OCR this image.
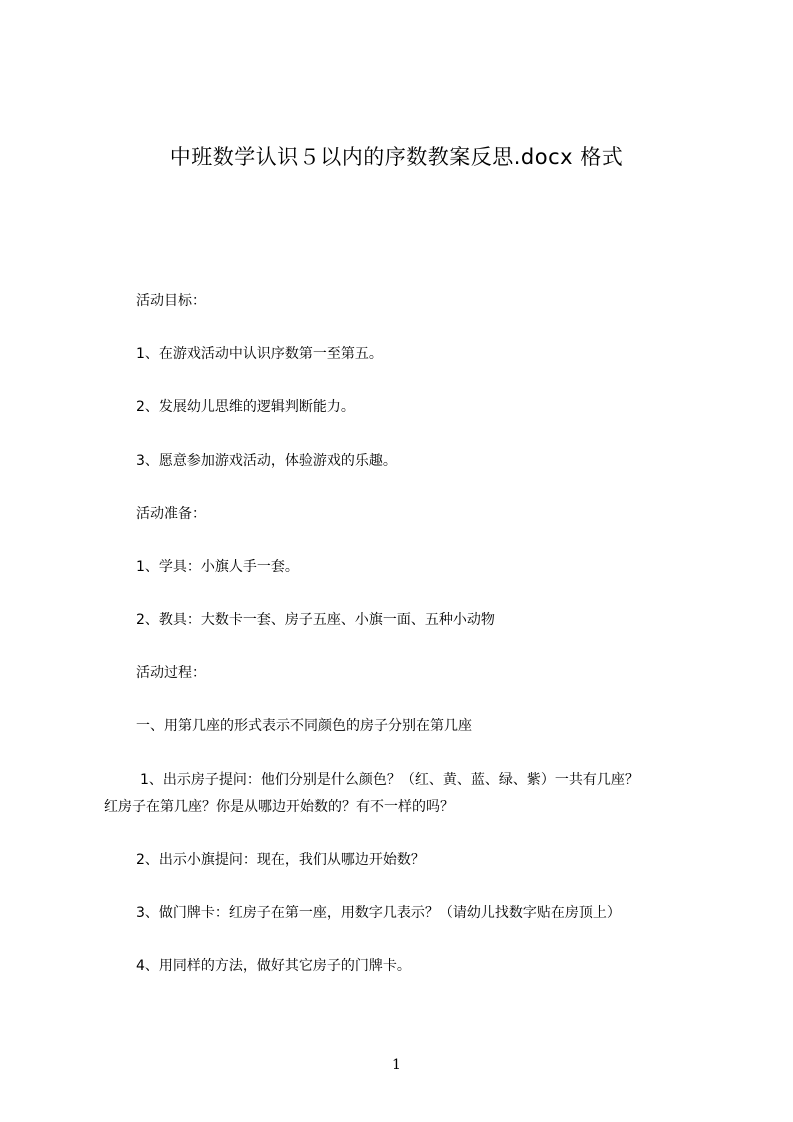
中班数学认识５以内的序数教案反思.docx 格式
活动目标：
1、在游戏活动中认识序数第一至第五。
2、发展幼儿思维的逻辑判断能力。
3、愿意参加游戏活动，体验游戏的乐趣。
活动准备：
1、学具：小旗人手一套。
2、教具：大数卡一套、房子五座、小旗一面、五种小动物
活动过程：
一、用第几座的形式表示不同颜色的房子分别在第几座
1、出示房子提问：他们分别是什么颜色？（红、黄、蓝、绿、紫）一共有几座？
红房子在第几座？你是从哪边开始数的？有不一样的吗？
2、出示小旗提问：现在，我们从哪边开始数？
3、做门牌卡：红房子在第一座，用数字几表示？（请幼儿找数字贴在房顶上）
4、用同样的方法，做好其它房子的门牌卡。
1
